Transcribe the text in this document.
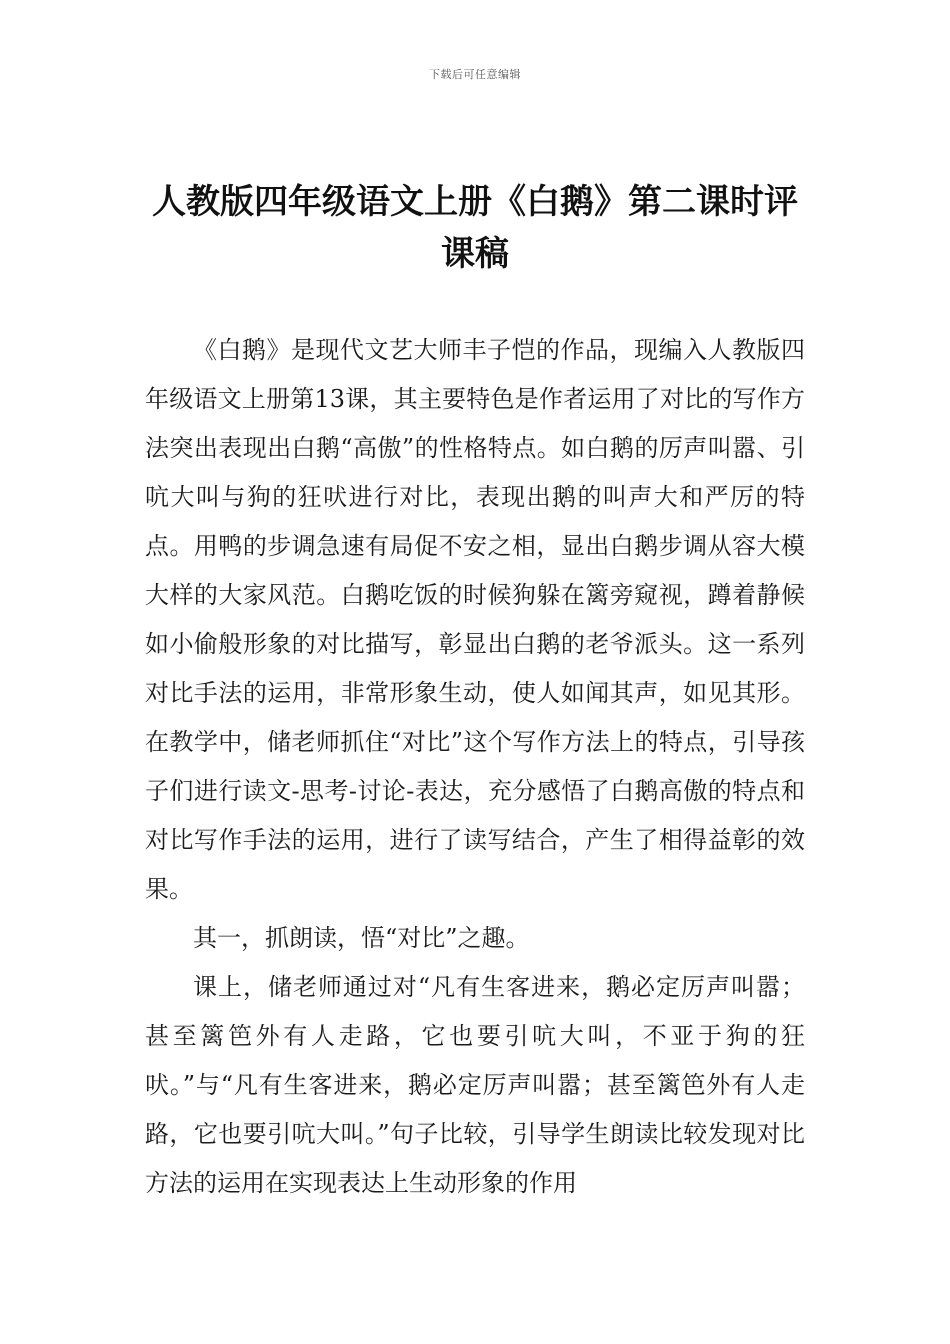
下载后可任意编辑
人教版四年级语文上册《白鹅》第二课时评课稿

《白鹅》是现代文艺大师丰子恺的作品，现编入人教版四年级语文上册第13课，其主要特色是作者运用了对比的写作方法突出表现出白鹅“高傲”的性格特点。如白鹅的厉声叫嚣、引吭大叫与狗的狂吠进行对比，表现出鹅的叫声大和严厉的特点。用鸭的步调急速有局促不安之相，显出白鹅步调从容大模大样的大家风范。白鹅吃饭的时候狗躲在篱旁窥视，蹲着静候如小偷般形象的对比描写，彰显出白鹅的老爷派头。这一系列对比手法的运用，非常形象生动，使人如闻其声，如见其形。在教学中，储老师抓住“对比”这个写作方法上的特点，引导孩子们进行读文-思考-讨论-表达，充分感悟了白鹅高傲的特点和对比写作手法的运用，进行了读写结合，产生了相得益彰的效果。

其一，抓朗读，悟“对比”之趣。

课上，储老师通过对“凡有生客进来，鹅必定厉声叫嚣；甚至篱笆外有人走路，它也要引吭大叫，不亚于狗的狂吠。”与“凡有生客进来，鹅必定厉声叫嚣；甚至篱笆外有人走路，它也要引吭大叫。”句子比较，引导学生朗读比较发现对比方法的运用在实现表达上生动形象的作用
